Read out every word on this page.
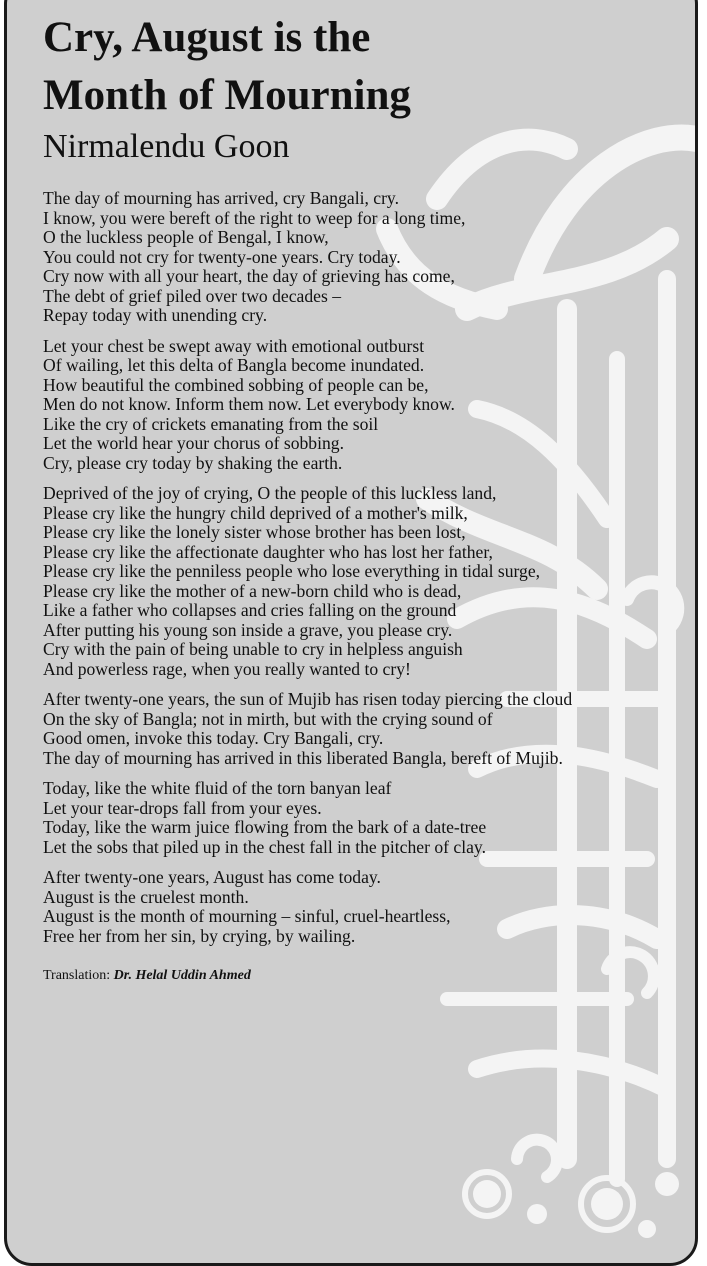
Cry, August is the
Month of Mourning

Nirmalendu Goon

The day of mourning has arrived, cry Bangali, cry.
I know, you were bereft of the right to weep for a long time,
O the luckless people of Bengal, I know,
You could not cry for twenty-one years. Cry today.
Cry now with all your heart, the day of grieving has come,
The debt of grief piled over two decades –
Repay today with unending cry.

Let your chest be swept away with emotional outburst
Of wailing, let this delta of Bangla become inundated.
How beautiful the combined sobbing of people can be,
Men do not know. Inform them now. Let everybody know.
Like the cry of crickets emanating from the soil
Let the world hear your chorus of sobbing.
Cry, please cry today by shaking the earth.

Deprived of the joy of crying, O the people of this luckless land,
Please cry like the hungry child deprived of a mother's milk,
Please cry like the lonely sister whose brother has been lost,
Please cry like the affectionate daughter who has lost her father,
Please cry like the penniless people who lose everything in tidal surge,
Please cry like the mother of a new-born child who is dead,
Like a father who collapses and cries falling on the ground
After putting his young son inside a grave, you please cry.
Cry with the pain of being unable to cry in helpless anguish
And powerless rage, when you really wanted to cry!

After twenty-one years, the sun of Mujib has risen today piercing the cloud
On the sky of Bangla; not in mirth, but with the crying sound of
Good omen, invoke this today. Cry Bangali, cry.
The day of mourning has arrived in this liberated Bangla, bereft of Mujib.

Today, like the white fluid of the torn banyan leaf
Let your tear-drops fall from your eyes.
Today, like the warm juice flowing from the bark of a date-tree
Let the sobs that piled up in the chest fall in the pitcher of clay.

After twenty-one years, August has come today.
August is the cruelest month.
August is the month of mourning – sinful, cruel-heartless,
Free her from her sin, by crying, by wailing.

Translation: Dr. Helal Uddin Ahmed
